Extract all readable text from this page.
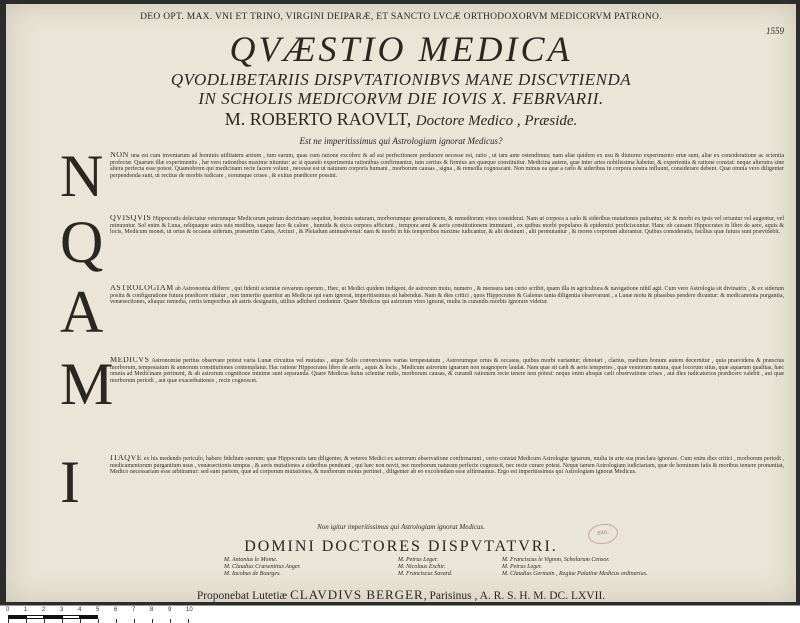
DEO OPT. MAX. VNI ET TRINO, VIRGINI DEIPARÆ, ET SANCTO LVCÆ ORTHODOXORVM MEDICORVM PATRONO.
1559
QVÆSTIO MEDICA
QVODLIBETARIIS DISPVTATIONIBVS MANE DISCVTIENDA
IN SCHOLIS MEDICORVM DIE IOVIS X. FEBRVARII.
M. ROBERTO RAOVLT, Doctore Medico , Præside.
Est ne imperitissimus qui Astrologiam ignorat Medicus?
N NON una est cum inventarum ad hominis utilitatem artium , tum earum, quas cum ratione excolere & ad sui perfectionem perducere necesse est, ratio , ut iam ante ostendimus; nam aliæ quidem ex usu & diuturno experimento ortæ sunt, aliæ ex consideratione ac scientia profectæ. Quarum illæ experimentis , hæ vero rationibus maxime nituntur: ac si quando experimenta rationibus confirmantur, tum certius & firmius ars quæque constituitur. Medicina autem, quæ inter artes nobilissima habetur, & experientia & ratione constat: neque alterutra sine altera perfecta esse potest. Quamobrem qui medicinam recte facere volunt , necesse est ut naturam corporis humani , morborum causas , signa , & remedia cognoscant. Non minus ea quæ a cælo & sideribus in corpora nostra influunt, considerare debent. Quæ omnia vero diligenter perpendenda sunt, ut rectius de morbis iudicare , eorumque crises , & exitus prædicere possint.
Q QVISQVIS Hippocratis delectatur veterumque Medicorum patrum doctrinam sequitur, hominis naturam, morborumque generationem, & remediorum vires considerat. Nam ut corpora a cælo & sideribus mutationes patiuntur, sic & morbi ex ipsis vel oriuntur vel augentur, vel minuuntur. Sol enim & Luna, reliquaque astra suis motibus, suaque luce & calore , humida & sicca corpora afficiunt , tempora anni & aeris constitutionem immutant , ex quibus morbi populares & epidemici proficiscuntur. Hanc ob causam Hippocrates in libro de aere, aquis & locis, Medicum monet, ut ortus & occasus siderum, præsertim Canis, Arcturi , & Pleiadum animadvertat: nam & morbi in his temporibus maxime iudicantur, & alii desinunt , alii permutantur , & mores corporum alterantur. Quibus consideratis, facilius quæ futura sunt prævidebit.
A ASTROLOGIAM ab Astronomia differre , qui fidenti scientiæ novarum operum , Hæc, ut Medici quidem indigent, de astrorum motu, numero , & mensura tam certo scribit, quam illa in agricultura & navigatione nihil agit. Cum vero Astrologia sit divinatrix , & ex siderum positu & configuratione futura prædicere nitatur , non inmerito quæritur an Medicus qui eam ignorat, imperitissimus sit habendus. Nam & dies critici , quos Hippocrates & Galenus tanta diligentia observarunt , a Lunæ motu & phasibus pendere dicuntur: & medicamenta purgantia, venæsectiones, aliaque remedia, certis temporibus ab astris designatis, utilius adhiberi creduntur. Quare Medicus qui astrorum vires ignorat, multa in curandis morbis ignorare videtur.
M
MEDICVS Astronomiæ peritus observare potest varia Lunæ circuitus vel mutatus , atque Solis conversiones varias tempestatum , Astrorumque ortus & occasus, quibus morbi variantur; denotari , clarius, medium bonum autem decernitur , quia praevidens & præscius morborum, tempestatum & annorum constitutiones contemplatur. Hac ratione Hippocrates libro de aeris , aquis & locis , Medicum astrorum ignarum non magnopere laudat. Nam quæ sit cæli & aeris temperies , quæ ventorum natura, quæ locorum situs, quæ aquarum qualitas, hæc omnia ad Medicinam pertinent, & ab astrorum cognitione minime sunt separanda. Quare Medicus huius scientiæ rudis, morborum causas, & curandi rationem recte tenere non potest: neque enim absque cæli observatione crises , aut dies iudicatorios prædicere valebit , aut quæ morborum periodi , aut quæ exacerbationes , recte cognoscet.
I	ITAQVE ex his medendo periculo, habere fidelium suorum; quæ Hippocratis tam diligenter, & veteres Medici ex astrorum observatione confirmarunt , certo constat Medicum Astrologiæ ignarum, multa in arte sua præclara ignorare. Cum enim dies critici , morborum periodi , medicamentorum purgantium usus , venæsectionis tempus , & aeris mutationes a sideribus pendeant , qui hæc non novit, nec morborum naturam perfecte cognoscit, nec recte curare potest. Neque tamen Astrologiam iudiciariam, quæ de hominum fatis & moribus temere pronuntiat, Medico necessariam esse arbitramur: sed eam partem, quæ ad corporum mutationes, & morborum motus pertinet , diligenter ab eo excolendam esse affirmamus. Ergo est imperitissimus qui Astrologiam ignorat Medicus.
Non igitur imperitissimus qui Astrologiam ignorat Medicus.
DOMINI DOCTORES DISPVTATVRI.
M. Antonius le Moine.
M. Claudius Cræsentiius Anger.
M. Iacobus de Bourges.
M. Petrus Leger.
M. Nicolaus Eschir.
M. Franciscus Savard.
M. Franciscus le Vignon, Scholarum Censor.
M. Petrus Leger.
M. Claudius Germain , Regiae Palatine Medicus ordinarius.
BIBL
Proponebat Lutetiæ CLAVDIVS BERGER, Parisinus , A. R. S. H. M. DC. LXVII.
0 1 2 3 4 5 6 7 8 9 10
